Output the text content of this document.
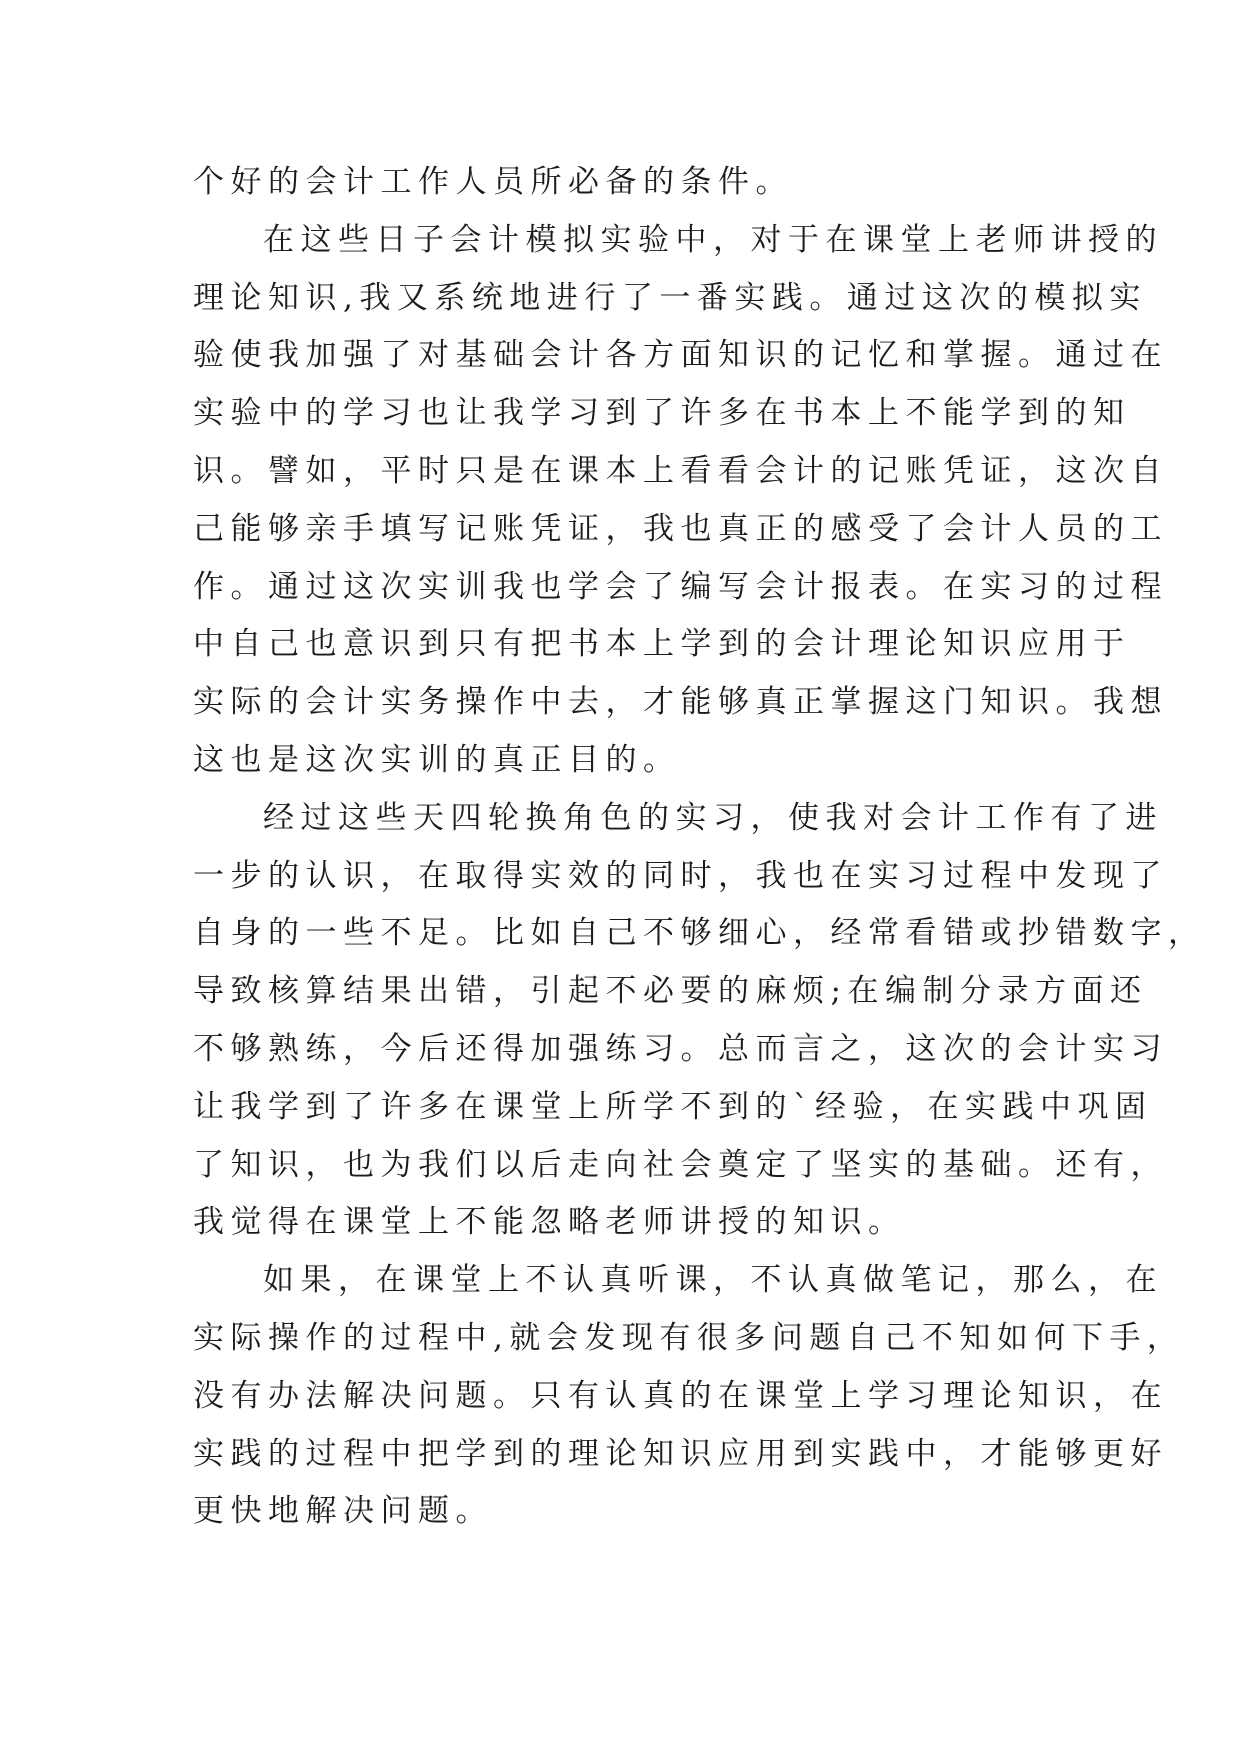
个好的会计工作人员所必备的条件。
在这些日子会计模拟实验中，对于在课堂上老师讲授的
理论知识,我又系统地进行了一番实践。通过这次的模拟实
验使我加强了对基础会计各方面知识的记忆和掌握。通过在
实验中的学习也让我学习到了许多在书本上不能学到的知
识。譬如，平时只是在课本上看看会计的记账凭证，这次自
己能够亲手填写记账凭证，我也真正的感受了会计人员的工
作。通过这次实训我也学会了编写会计报表。在实习的过程
中自己也意识到只有把书本上学到的会计理论知识应用于
实际的会计实务操作中去，才能够真正掌握这门知识。我想
这也是这次实训的真正目的。
经过这些天四轮换角色的实习，使我对会计工作有了进
一步的认识，在取得实效的同时，我也在实习过程中发现了
自身的一些不足。比如自己不够细心，经常看错或抄错数字，
导致核算结果出错，引起不必要的麻烦;在编制分录方面还
不够熟练，今后还得加强练习。总而言之，这次的会计实习
让我学到了许多在课堂上所学不到的`经验，在实践中巩固
了知识，也为我们以后走向社会奠定了坚实的基础。还有，
我觉得在课堂上不能忽略老师讲授的知识。
如果，在课堂上不认真听课，不认真做笔记，那么，在
实际操作的过程中,就会发现有很多问题自己不知如何下手，
没有办法解决问题。只有认真的在课堂上学习理论知识，在
实践的过程中把学到的理论知识应用到实践中，才能够更好
更快地解决问题。
